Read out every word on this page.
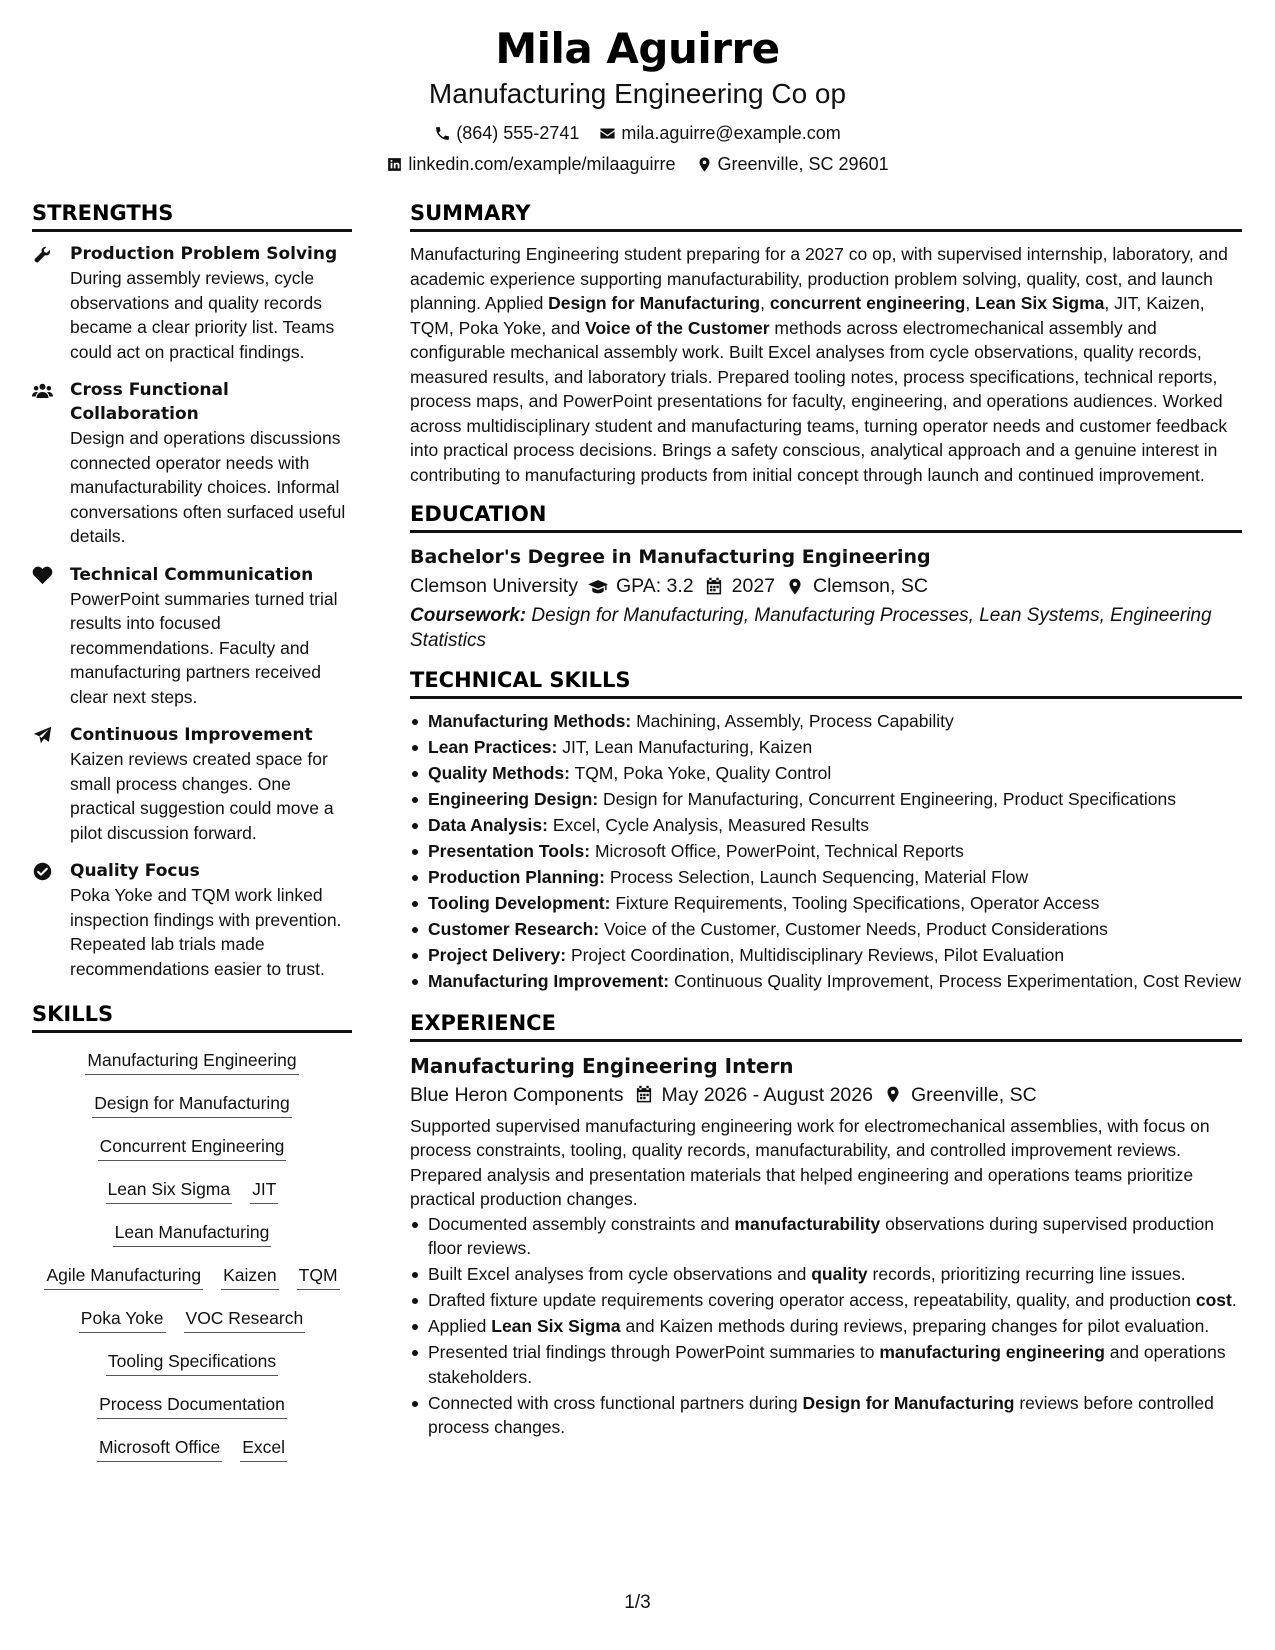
Mila Aguirre
Manufacturing Engineering Co op
(864) 555-2741 mila.aguirre@example.com
linkedin.com/example/milaaguirre Greenville, SC 29601
STRENGTHS
Production Problem Solving
During assembly reviews, cycle observations and quality records became a clear priority list. Teams could act on practical findings.
Cross Functional Collaboration
Design and operations discussions connected operator needs with manufacturability choices. Informal conversations often surfaced useful details.
Technical Communication
PowerPoint summaries turned trial results into focused recommendations. Faculty and manufacturing partners received clear next steps.
Continuous Improvement
Kaizen reviews created space for small process changes. One practical suggestion could move a pilot discussion forward.
Quality Focus
Poka Yoke and TQM work linked inspection findings with prevention. Repeated lab trials made recommendations easier to trust.
SKILLS
Manufacturing Engineering
Design for Manufacturing
Concurrent Engineering
Lean Six Sigma JIT
Lean Manufacturing
Agile Manufacturing Kaizen TQM
Poka Yoke VOC Research
Tooling Specifications
Process Documentation
Microsoft Office Excel
SUMMARY

Manufacturing Engineering student preparing for a 2027 co op, with supervised internship, laboratory, and academic experience supporting manufacturability, production problem solving, quality, cost, and launch planning. Applied Design for Manufacturing, concurrent engineering, Lean Six Sigma, JIT, Kaizen, TQM, Poka Yoke, and Voice of the Customer methods across electromechanical assembly and configurable mechanical assembly work. Built Excel analyses from cycle observations, quality records, measured results, and laboratory trials. Prepared tooling notes, process specifications, technical reports, process maps, and PowerPoint presentations for faculty, engineering, and operations audiences. Worked across multidisciplinary student and manufacturing teams, turning operator needs and customer feedback into practical process decisions. Brings a safety conscious, analytical approach and a genuine interest in contributing to manufacturing products from initial concept through launch and continued improvement.

EDUCATION
Bachelor's Degree in Manufacturing Engineering
Clemson University GPA: 3.2 2027 Clemson, SC
Coursework: Design for Manufacturing, Manufacturing Processes, Lean Systems, Engineering Statistics
TECHNICAL SKILLS
Manufacturing Methods: Machining, Assembly, Process Capability
Lean Practices: JIT, Lean Manufacturing, Kaizen
Quality Methods: TQM, Poka Yoke, Quality Control
Engineering Design: Design for Manufacturing, Concurrent Engineering, Product Specifications
Data Analysis: Excel, Cycle Analysis, Measured Results
Presentation Tools: Microsoft Office, PowerPoint, Technical Reports
Production Planning: Process Selection, Launch Sequencing, Material Flow
Tooling Development: Fixture Requirements, Tooling Specifications, Operator Access
Customer Research: Voice of the Customer, Customer Needs, Product Considerations
Project Delivery: Project Coordination, Multidisciplinary Reviews, Pilot Evaluation
Manufacturing Improvement: Continuous Quality Improvement, Process Experimentation, Cost Review
EXPERIENCE
Manufacturing Engineering Intern
Blue Heron Components May 2026 - August 2026 Greenville, SC

Supported supervised manufacturing engineering work for electromechanical assemblies, with focus on process constraints, tooling, quality records, manufacturability, and controlled improvement reviews. Prepared analysis and presentation materials that helped engineering and operations teams prioritize practical production changes.

Documented assembly constraints and manufacturability observations during supervised production floor reviews.
Built Excel analyses from cycle observations and quality records, prioritizing recurring line issues.
Drafted fixture update requirements covering operator access, repeatability, quality, and production cost.
Applied Lean Six Sigma and Kaizen methods during reviews, preparing changes for pilot evaluation.
Presented trial findings through PowerPoint summaries to manufacturing engineering and operations stakeholders.
Connected with cross functional partners during Design for Manufacturing reviews before controlled process changes.
1/3
